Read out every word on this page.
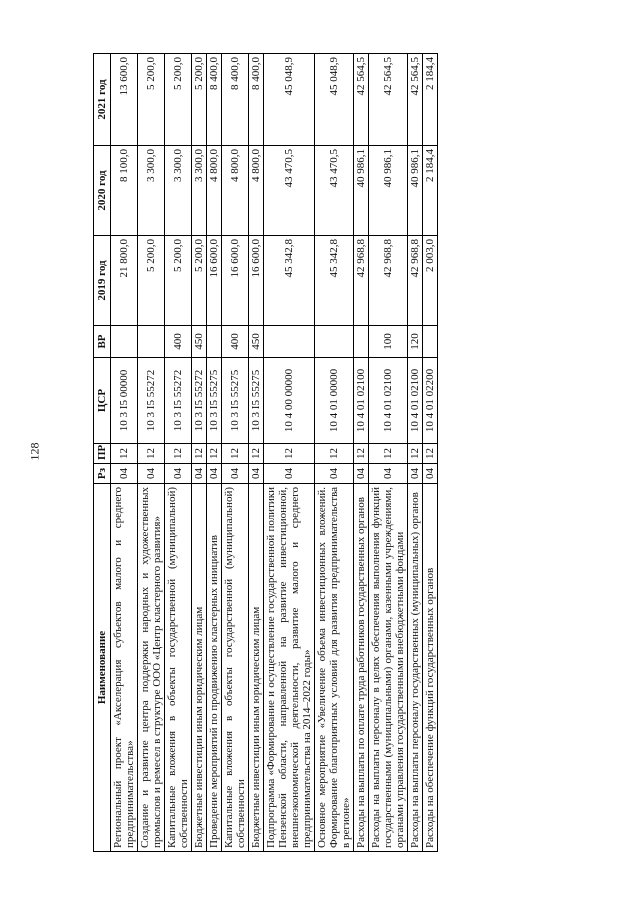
128
Наименование	Рз	ПР	ЦСР	ВР	2019 год	2020 год	2021 год
Региональный проект «Акселерация субъектов малого и среднего предпринимательства»	04	12	10 3 I5 00000		21 800,0	8 100,0	13 600,0
Создание и развитие центра поддержки народных и художественных промыслов и ремесел в структуре ООО «Центр кластерного развития»	04	12	10 3 I5 55272		5 200,0	3 300,0	5 200,0
Капитальные вложения в объекты государственной (муниципальной) собственности	04	12	10 3 I5 55272	400	5 200,0	3 300,0	5 200,0
Бюджетные инвестиции иным юридическим лицам	04	12	10 3 I5 55272	450	5 200,0	3 300,0	5 200,0
Проведение мероприятий по продвижению кластерных инициатив	04	12	10 3 I5 55275		16 600,0	4 800,0	8 400,0
Капитальные вложения в объекты государственной (муниципальной) собственности	04	12	10 3 I5 55275	400	16 600,0	4 800,0	8 400,0
Бюджетные инвестиции иным юридическим лицам	04	12	10 3 I5 55275	450	16 600,0	4 800,0	8 400,0
Подпрограмма «Формирование и осуществление государственной политики Пензенской области, направленной на развитие инвестиционной, внешнеэкономической деятельности, развитие малого и среднего предпринимательства на 2014–2022 годы»	04	12	10 4 00 00000		45 342,8	43 470,5	45 048,9
Основное мероприятие «Увеличение объема инвестиционных вложений. Формирование благоприятных условий для развития предпринимательства в регионе»	04	12	10 4 01 00000		45 342,8	43 470,5	45 048,9
Расходы на выплаты по оплате труда работников государственных органов	04	12	10 4 01 02100		42 968,8	40 986,1	42 564,5
Расходы на выплаты персоналу в целях обеспечения выполнения функций государственными (муниципальными) органами, казенными учреждениями, органами управления государственными внебюджетными фондами	04	12	10 4 01 02100	100	42 968,8	40 986,1	42 564,5
Расходы на выплаты персоналу государственных (муниципальных) органов	04	12	10 4 01 02100	120	42 968,8	40 986,1	42 564,5
Расходы на обеспечение функций государственных органов	04	12	10 4 01 02200		2 003,0	2 184,4	2 184,4
